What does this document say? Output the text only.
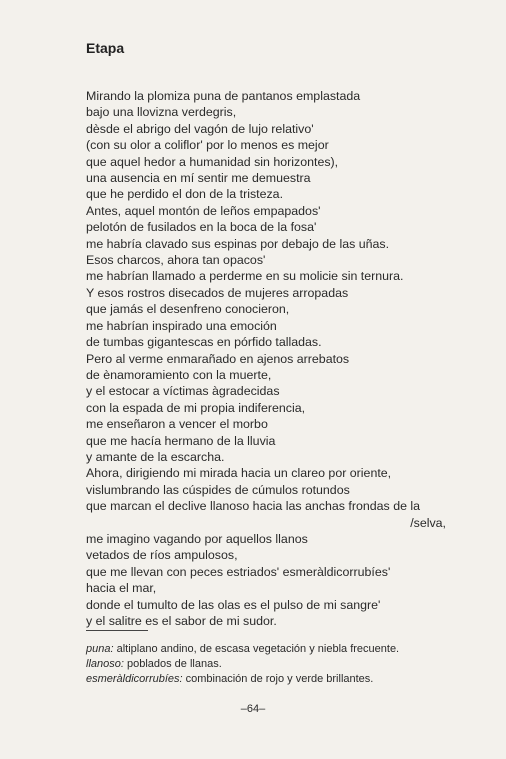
Etapa
Mirando la plomiza puna de pantanos emplastada
bajo una llovizna verdegris,
dèsde el abrigo del vagón de lujo relativo'
(con su olor a coliflor' por lo menos es mejor
que aquel hedor a humanidad sin horizontes),
una ausencia en mí sentir me demuestra
que he perdido el don de la tristeza.
Antes, aquel montón de leños empapados'
pelotón de fusilados en la boca de la fosa'
me habría clavado sus espinas por debajo de las uñas.
Esos charcos, ahora tan opacos'
me habrían llamado a perderme en su molicie sin ternura.
Y esos rostros disecados de mujeres arropadas
que jamás el desenfreno conocieron,
me habrían inspirado una emoción
de tumbas gigantescas en pórfido talladas.
Pero al verme enmarañado en ajenos arrebatos
de ènamoramiento con la muerte,
y el estocar a víctimas àgradecidas
con la espada de mi propia indiferencia,
me enseñaron a vencer el morbo
que me hacía hermano de la lluvia
y amante de la escarcha.
Ahora, dirigiendo mi mirada hacia un clareo por oriente,
vislumbrando las cúspides de cúmulos rotundos
que marcan el declive llanoso hacia las anchas frondas de la
/selva,
me imagino vagando por aquellos llanos
vetados de ríos ampulosos,
que me llevan con peces estriados' esmeràldicorrubíes'
hacia el mar,
donde el tumulto de las olas es el pulso de mi sangre'
y el salitre es el sabor de mi sudor.
puna: altiplano andino, de escasa vegetación y niebla frecuente.
llanoso: poblados de llanas.
esmeràldicorrubíes: combinación de rojo y verde brillantes.
–64–
